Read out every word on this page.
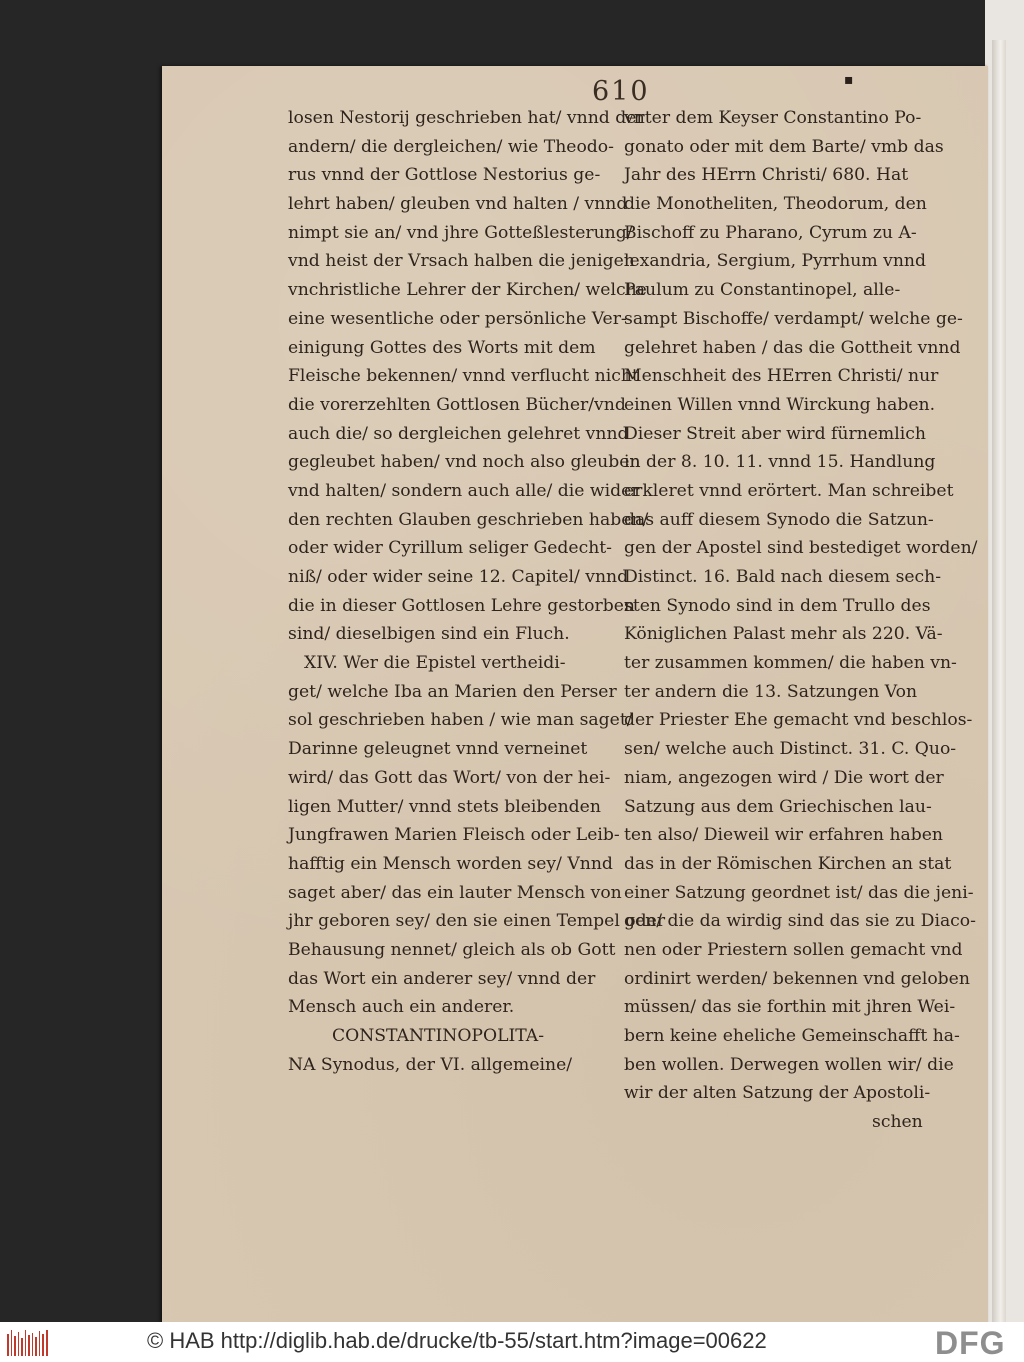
610	▪
losen Nestorij geschrieben hat/ vnnd der
andern/ die dergleichen/ wie Theodo-
rus vnnd der Gottlose Nestorius ge-
lehrt haben/ gleuben vnd halten / vnnd
nimpt sie an/ vnd jhre Gotteßlesterung/
vnd heist der Vrsach halben die jenigen
vnchristliche Lehrer der Kirchen/ welche
eine wesentliche oder persönliche Ver-
einigung Gottes des Worts mit dem
Fleische bekennen/ vnnd verflucht nicht
die vorerzehlten Gottlosen Bücher/vnd
auch die/ so dergleichen gelehret vnnd
gegleubet haben/ vnd noch also gleuben
vnd halten/ sondern auch alle/ die wider
den rechten Glauben geschrieben haben/
oder wider Cyrillum seliger Gedecht-
niß/ oder wider seine 12. Capitel/ vnnd
die in dieser Gottlosen Lehre gestorben
sind/ dieselbigen sind ein Fluch.
XIV. Wer die Epistel vertheidi-
get/ welche Iba an Marien den Perser
sol geschrieben haben / wie man saget/
Darinne geleugnet vnnd verneinet
wird/ das Gott das Wort/ von der hei-
ligen Mutter/ vnnd stets bleibenden
Jungfrawen Marien Fleisch oder Leib-
hafftig ein Mensch worden sey/ Vnnd
saget aber/ das ein lauter Mensch von
jhr geboren sey/ den sie einen Tempel oder
Behausung nennet/ gleich als ob Gott
das Wort ein anderer sey/ vnnd der
Mensch auch ein anderer.
CONSTANTINOPOLITA-
NA Synodus, der VI. allgemeine/
vnter dem Keyser Constantino Po-
gonato oder mit dem Barte/ vmb das
Jahr des HErrn Christi/ 680. Hat
die Monotheliten, Theodorum, den
Bischoff zu Pharano, Cyrum zu A-
lexandria, Sergium, Pyrrhum vnnd
Paulum zu Constantinopel, alle-
sampt Bischoffe/ verdampt/ welche ge-
gelehret haben / das die Gottheit vnnd
Menschheit des HErren Christi/ nur
einen Willen vnnd Wirckung haben.
Dieser Streit aber wird fürnemlich
in der 8. 10. 11. vnnd 15. Handlung
erkleret vnnd erörtert. Man schreibet
das auff diesem Synodo die Satzun-
gen der Apostel sind bestediget worden/
Distinct. 16. Bald nach diesem sech-
sten Synodo sind in dem Trullo des
Königlichen Palast mehr als 220. Vä-
ter zusammen kommen/ die haben vn-
ter andern die 13. Satzungen Von
der Priester Ehe gemacht vnd beschlos-
sen/ welche auch Distinct. 31. C. Quo-
niam, angezogen wird / Die wort der
Satzung aus dem Griechischen lau-
ten also/ Dieweil wir erfahren haben
das in der Römischen Kirchen an stat
einer Satzung geordnet ist/ das die jeni-
gen/ die da wirdig sind das sie zu Diaco-
nen oder Priestern sollen gemacht vnd
ordinirt werden/ bekennen vnd geloben
müssen/ das sie forthin mit jhren Wei-
bern keine eheliche Gemeinschafft ha-
ben wollen. Derwegen wollen wir/ die
wir der alten Satzung der Apostoli-
schen
© HAB http://diglib.hab.de/drucke/tb-55/start.htm?image=00622	DFG
